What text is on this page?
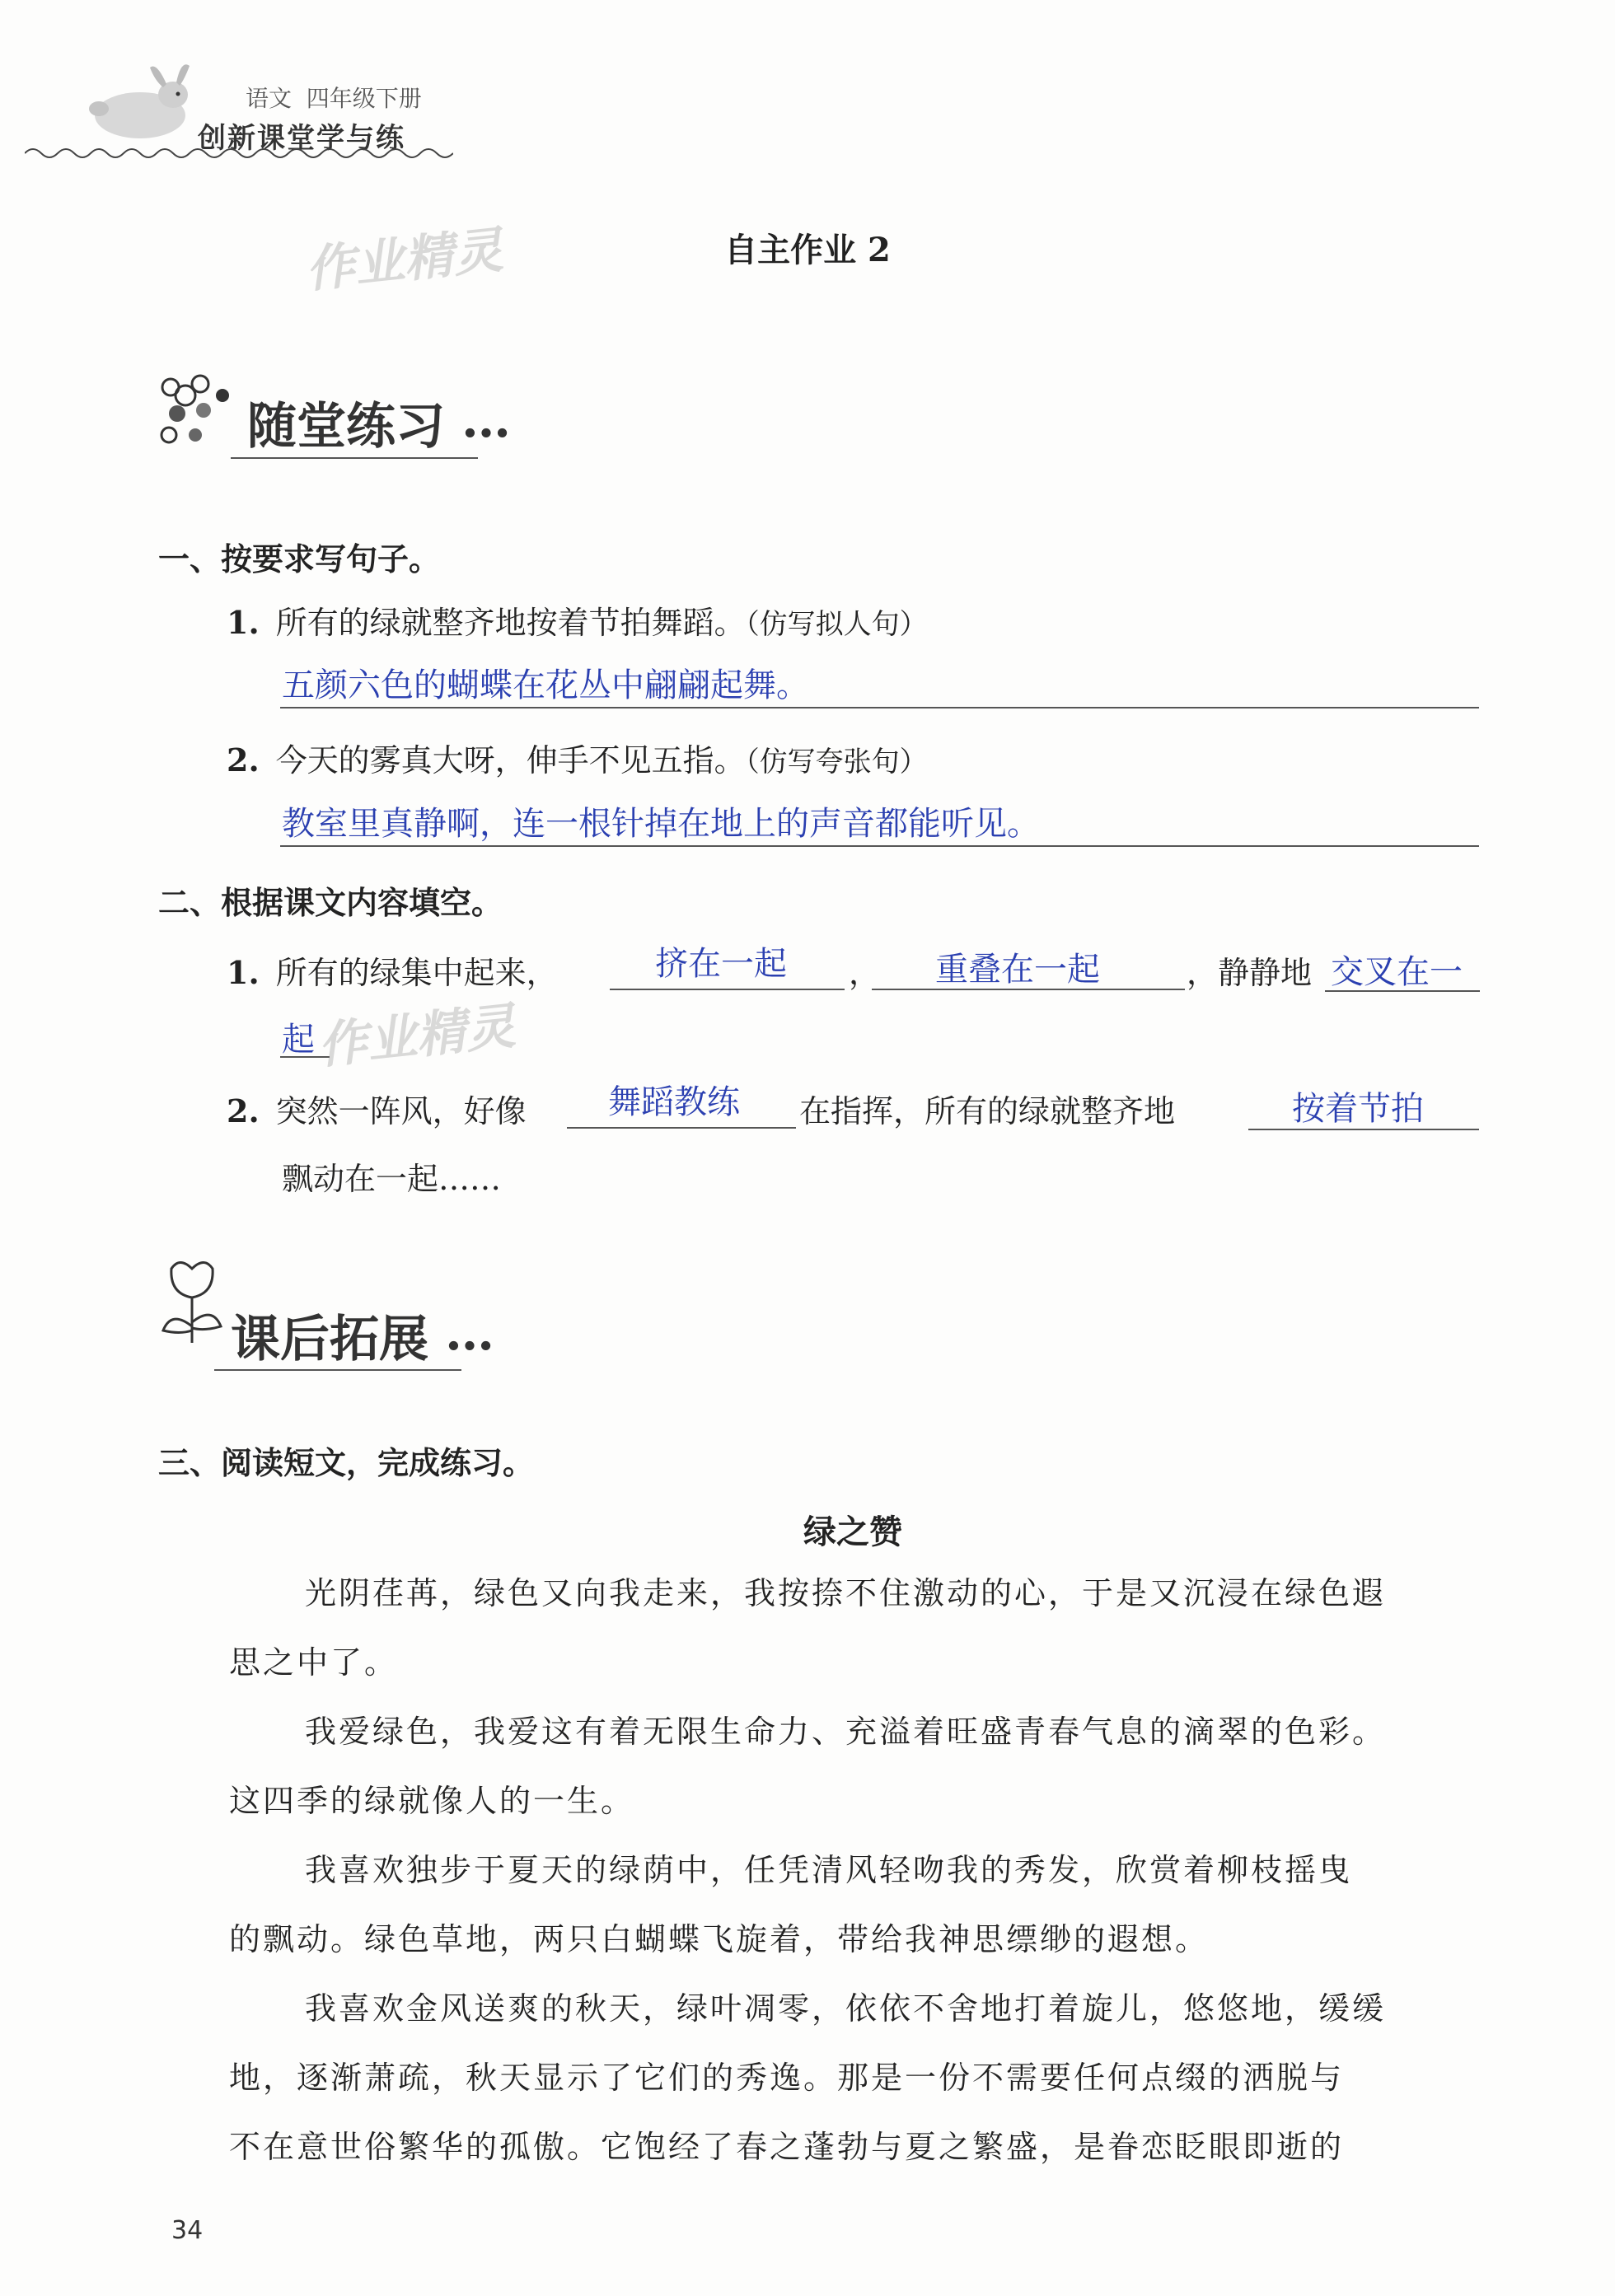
语文  四年级下册
创新课堂学与练
自主作业 2
作业精灵
随堂练习 …
一、按要求写句子。
1. 所有的绿就整齐地按着节拍舞蹈。（仿写拟人句）
五颜六色的蝴蝶在花丛中翩翩起舞。
2. 今天的雾真大呀，伸手不见五指。（仿写夸张句）
教室里真静啊，连一根针掉在地上的声音都能听见。
二、根据课文内容填空。
1. 所有的绿集中起来，	挤在一起 ， 重叠在一起	，静静地 交叉在一
起 作业精灵
2. 突然一阵风，好像 舞蹈教练 在指挥，所有的绿就整齐地	按着节拍
飘动在一起……
课后拓展 …
三、阅读短文，完成练习。
绿之赞
光阴荏苒，绿色又向我走来，我按捺不住激动的心，于是又沉浸在绿色遐
思之中了。
我爱绿色，我爱这有着无限生命力、充溢着旺盛青春气息的滴翠的色彩。
这四季的绿就像人的一生。
我喜欢独步于夏天的绿荫中，任凭清风轻吻我的秀发，欣赏着柳枝摇曳
的飘动。绿色草地，两只白蝴蝶飞旋着，带给我神思缥缈的遐想。
我喜欢金风送爽的秋天，绿叶凋零，依依不舍地打着旋儿，悠悠地，缓缓
地，逐渐萧疏，秋天显示了它们的秀逸。那是一份不需要任何点缀的洒脱与
不在意世俗繁华的孤傲。它饱经了春之蓬勃与夏之繁盛，是眷恋眨眼即逝的
34
